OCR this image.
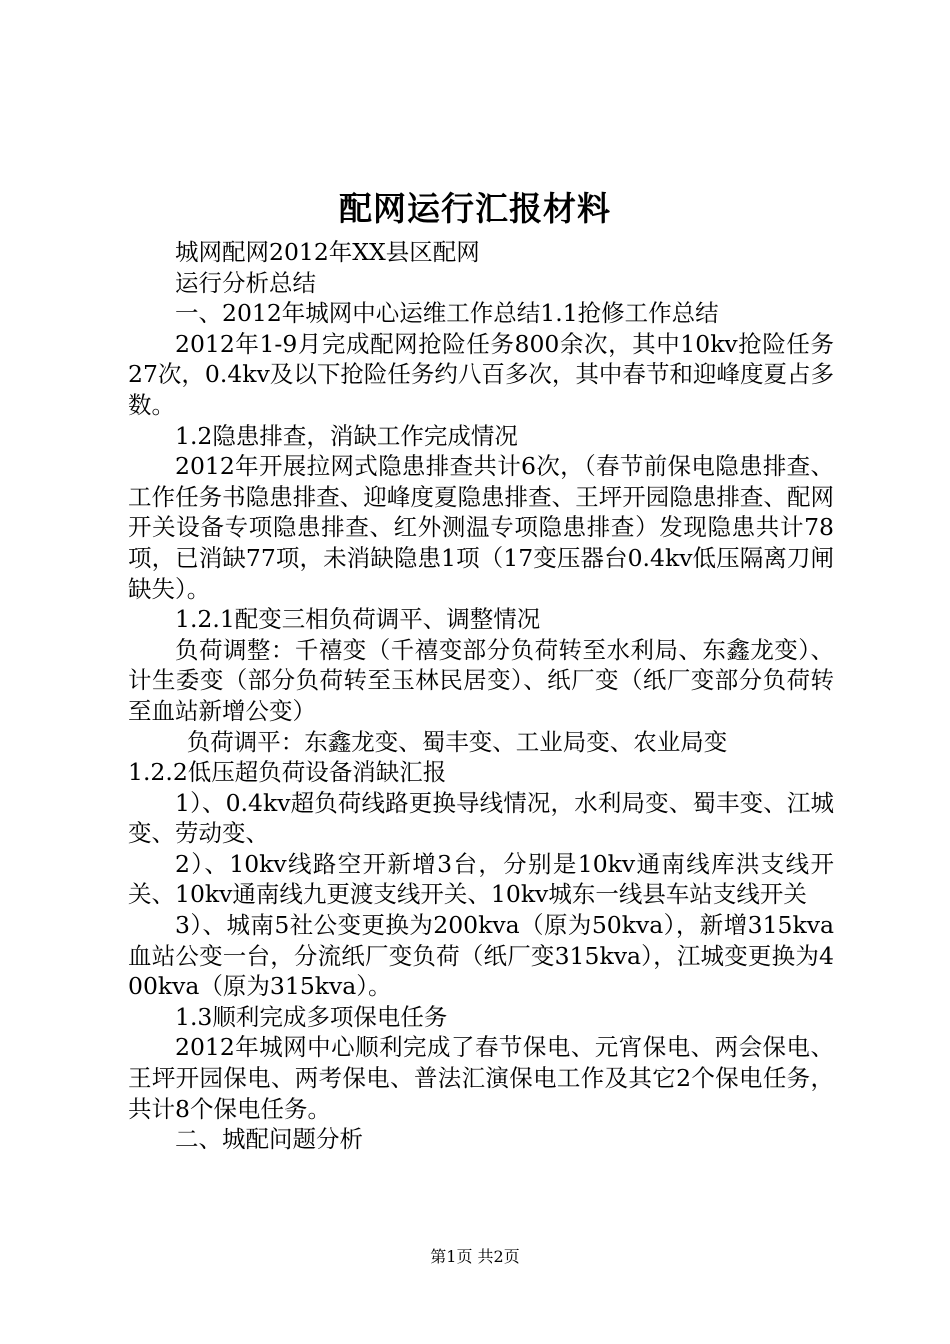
配网运行汇报材料

城网配网2012年XX县区配网

运行分析总结

一、2012年城网中心运维工作总结1.1抢修工作总结

2012年1-9月完成配网抢险任务800余次，其中10kv抢险任务27次，0.4kv及以下抢险任务约八百多次，其中春节和迎峰度夏占多数。

1.2隐患排查，消缺工作完成情况

2012年开展拉网式隐患排查共计6次，（春节前保电隐患排查、工作任务书隐患排查、迎峰度夏隐患排查、王坪开园隐患排查、配网开关设备专项隐患排查、红外测温专项隐患排查）发现隐患共计78项，已消缺77项，未消缺隐患1项（17变压器台0.4kv低压隔离刀闸缺失）。

1.2.1配变三相负荷调平、调整情况

负荷调整：千禧变（千禧变部分负荷转至水利局、东鑫龙变）、计生委变（部分负荷转至玉林民居变）、纸厂变（纸厂变部分负荷转至血站新增公变）

负荷调平：东鑫龙变、蜀丰变、工业局变、农业局变

1.2.2低压超负荷设备消缺汇报

1）、0.4kv超负荷线路更换导线情况，水利局变、蜀丰变、江城变、劳动变、

2）、10kv线路空开新增3台，分别是10kv通南线库洪支线开关、10kv通南线九更渡支线开关、10kv城东一线县车站支线开关

3）、城南5社公变更换为200kva（原为50kva），新增315kva血站公变一台，分流纸厂变负荷（纸厂变315kva），江城变更换为400kva（原为315kva）。

1.3顺利完成多项保电任务

2012年城网中心顺利完成了春节保电、元宵保电、两会保电、王坪开园保电、两考保电、普法汇演保电工作及其它2个保电任务，共计8个保电任务。

二、城配问题分析

第1页 共2页
